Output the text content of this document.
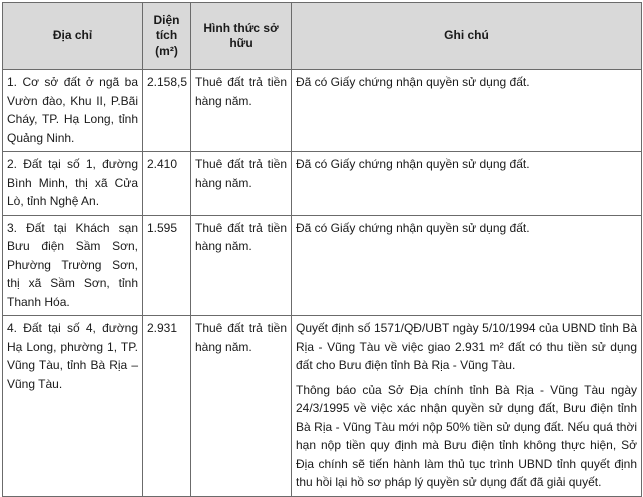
Địa chỉ	Diện
tích
(m²)	Hình thức sở hữu	Ghi chú
1. Cơ sở đất ở ngã ba Vườn đào, Khu II, P.Bãi Cháy, TP. Hạ Long, tỉnh Quảng Ninh.	2.158,5	Thuê đất trả tiền hàng năm.	Đã có Giấy chứng nhận quyền sử dụng đất.

2. Đất tại số 1, đường Bình Minh, thị xã Cửa Lò, tỉnh Nghệ An.	2.410	Thuê đất trả tiền hàng năm.	Đã có Giấy chứng nhận quyền sử dụng đất.

3. Đất tại Khách sạn Bưu điện Sầm Sơn, Phường Trường Sơn, thị xã Sầm Sơn, tỉnh Thanh Hóa.	1.595	Thuê đất trả tiền hàng năm.	Đã có Giấy chứng nhận quyền sử dụng đất.

4. Đất tại số 4, đường Hạ Long, phường 1, TP. Vũng Tàu, tỉnh Bà Rịa – Vũng Tàu.	2.931	Thuê đất trả tiền hàng năm.	Quyết định số 1571/QĐ/UBT ngày 5/10/1994 của UBND tỉnh Bà Rịa - Vũng Tàu về việc giao 2.931 m² đất có thu tiền sử dụng đất cho Bưu điện tỉnh Bà Rịa - Vũng Tàu.

Thông báo của Sở Địa chính tỉnh Bà Rịa - Vũng Tàu ngày 24/3/1995 về việc xác nhận quyền sử dụng đất, Bưu điện tỉnh Bà Rịa - Vũng Tàu mới nộp 50% tiền sử dụng đất. Nếu quá thời hạn nộp tiền quy định mà Bưu điện tỉnh không thực hiện, Sở Địa chính sẽ tiến hành làm thủ tục trình UBND tỉnh quyết định thu hồi lại hồ sơ pháp lý quyền sử dụng đất đã giải quyết.
